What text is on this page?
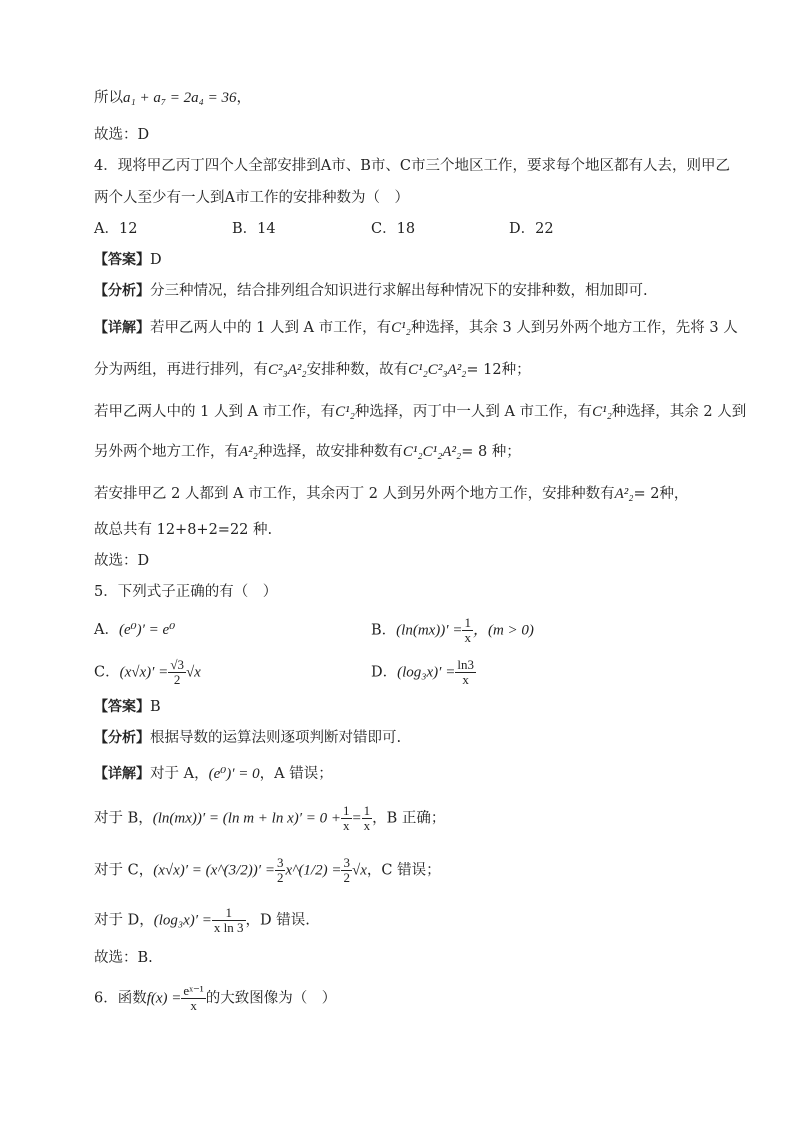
所以a₁ + a₇ = 2a₄ = 36，
故选：D
4．现将甲乙丙丁四个人全部安排到A市、B市、C市三个地区工作，要求每个地区都有人去，则甲乙
两个人至少有一人到A市工作的安排种数为（　）
A．12	B．14	C．18	D．22
【答案】D
【分析】分三种情况，结合排列组合知识进行求解出每种情况下的安排种数，相加即可.
【详解】若甲乙两人中的 1 人到 A 市工作，有C¹₂种选择，其余 3 人到另外两个地方工作，先将 3 人
分为两组，再进行排列，有C²₃A²₂安排种数，故有C¹₂C²₃A²₂= 12种；
若甲乙两人中的 1 人到 A 市工作，有C¹₂种选择，丙丁中一人到 A 市工作，有C¹₂种选择，其余 2 人到
另外两个地方工作，有A²₂种选择，故安排种数有C¹₂C¹₂A²₂= 8 种；
若安排甲乙 2 人都到 A 市工作，其余丙丁 2 人到另外两个地方工作，安排种数有A²₂= 2种，
故总共有 12+8+2=22 种.
故选：D
5．下列式子正确的有（　）
A．(e⁰)′ = e⁰	B．$(\ln(mx))' = \frac{1}{x}$ ，(m > 0)
C．$(x√x)' = \frac{√3}{2} √x$	D．$(\log_3x)' = \frac{\ln 3}{x}$
【答案】B
【分析】根据导数的运算法则逐项判断对错即可.
【详解】对于 A，(e⁰)′ = 0，A 错误；
对于 B，(ln(mx))′ = (ln $m + \ln x)' = 0 + \frac{1}{x} = \frac{1}{x}$ ，B 正确；
对于 C，(x√x)′ = (x^(3/2))′ = $\frac{3}{2}$ x^(1/2) = $\frac{3}{2} √x$，C 错误；
对于 D，$(\log_3x)' = \frac{1}{\text{x ln 3}}$ ，D 错误.
故选：B.
6．函数$f(x) = \frac{\text{eˣ⁻¹}}{x}$ 的大致图像为（　）
